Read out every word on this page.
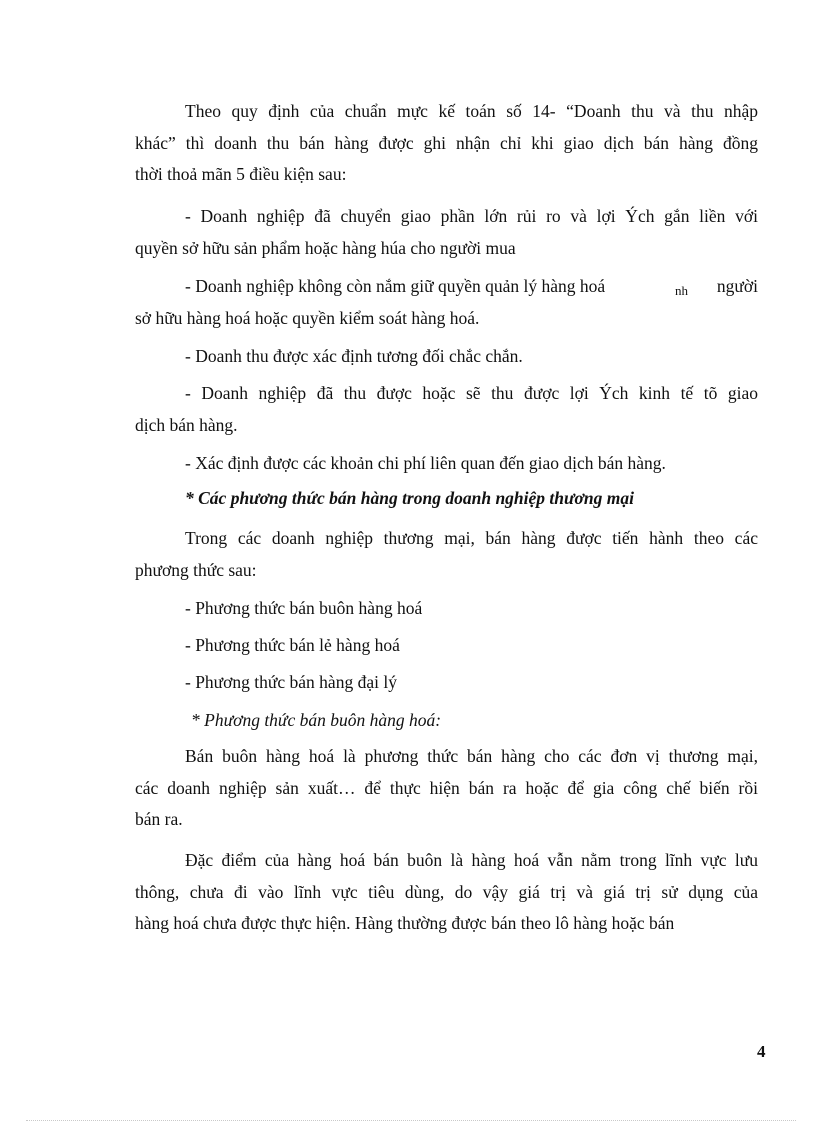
Theo quy định của chuẩn mực kế toán số 14- “Doanh thu và thu nhập
khác” thì doanh thu bán hàng được ghi nhận chỉ khi giao dịch bán hàng đồng
thời thoả mãn 5 điều kiện sau:
- Doanh nghiệp đã chuyển giao phần lớn rủi ro và lợi Ých gắn liền với
quyền sở hữu sản phẩm hoặc hàng húa cho người mua
- Doanh nghiệp không còn nắm giữ quyền quản lý hàng hoá	nh người
sở hữu hàng hoá hoặc quyền kiểm soát hàng hoá.
- Doanh thu được xác định tương đối chắc chắn.
- Doanh nghiệp đã thu được hoặc sẽ thu được lợi Ých kinh tế tõ giao
dịch bán hàng.
- Xác định được các khoản chi phí liên quan đến giao dịch bán hàng.
* Các phương thức bán hàng trong doanh nghiệp thương mại
Trong các doanh nghiệp thương mại, bán hàng được tiến hành theo các
phương thức sau:
- Phương thức bán buôn hàng hoá
- Phương thức bán lẻ hàng hoá
- Phương thức bán hàng đại lý
* Phương thức bán buôn hàng hoá:
Bán buôn hàng hoá là phương thức bán hàng cho các đơn vị thương mại,
các doanh nghiệp sản xuất… để thực hiện bán ra hoặc để gia công chế biến rồi
bán ra.
Đặc điểm của hàng hoá bán buôn là hàng hoá vẫn nằm trong lĩnh vực lưu
thông, chưa đi vào lĩnh vực tiêu dùng, do vậy giá trị và giá trị sử dụng của
hàng hoá chưa được thực hiện. Hàng thường được bán theo lô hàng hoặc bán
4
